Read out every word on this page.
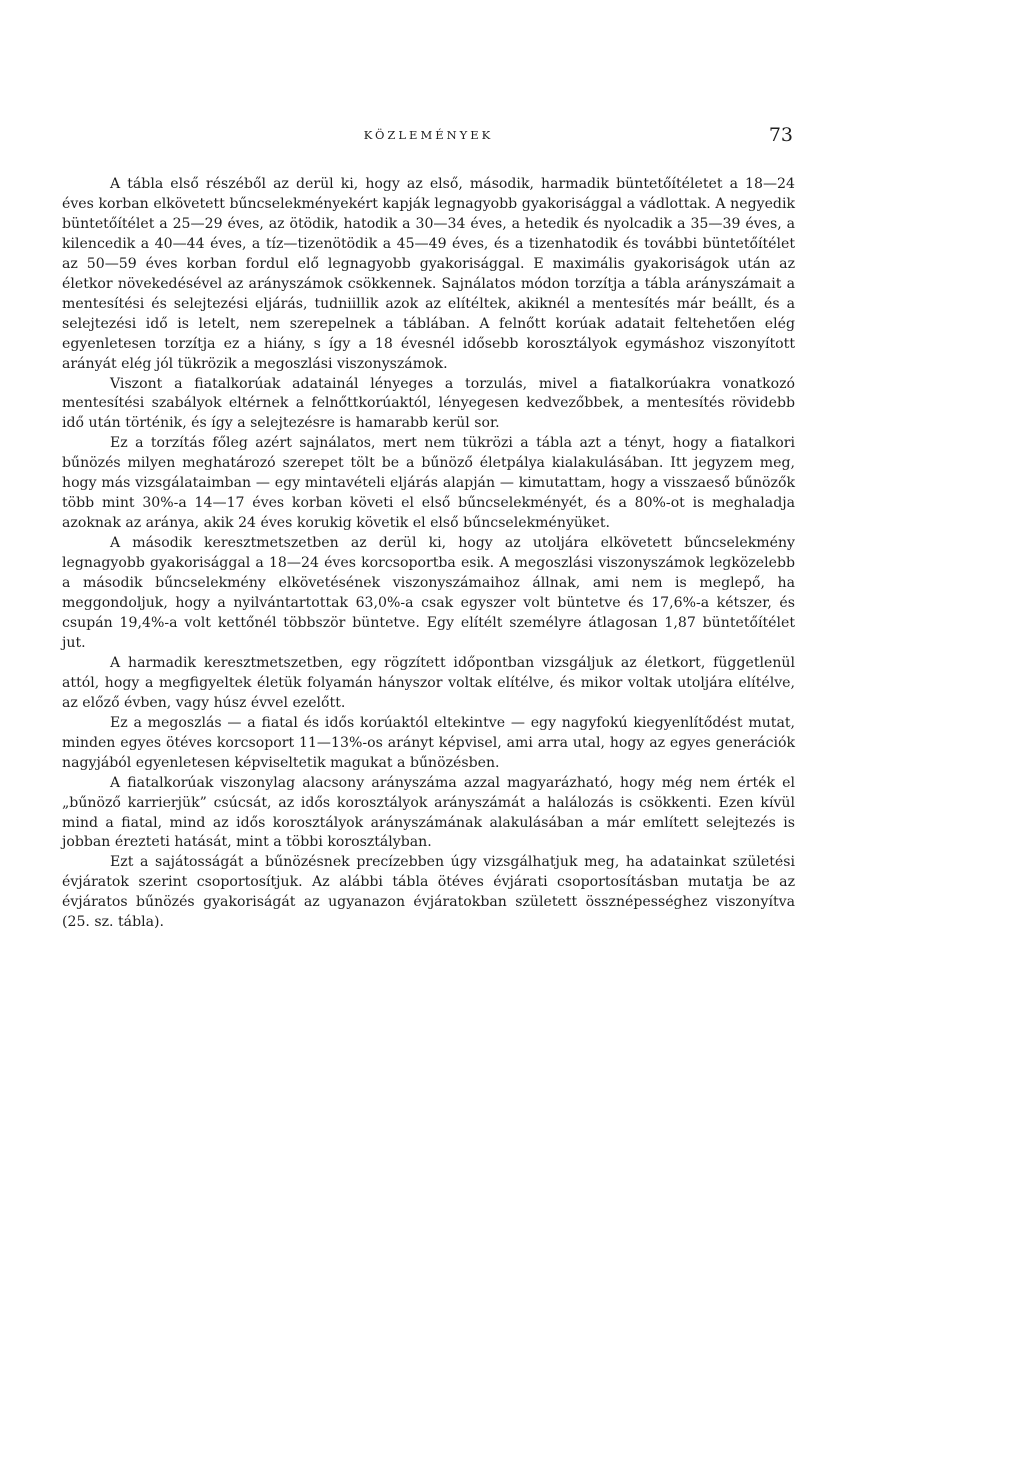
KÖZLEMÉNYEK	73

A tábla első részéből az derül ki, hogy az első, második, harmadik büntetőítéletet a 18—24 éves korban elkövetett bűncselekményekért kapják legnagyobb gyakorisággal a vádlottak. A negyedik büntetőítélet a 25—29 éves, az ötödik, hatodik a 30—34 éves, a hetedik és nyolcadik a 35—39 éves, a kilencedik a 40—44 éves, a tíz—tizenötödik a 45—49 éves, és a tizenhatodik és további büntetőítélet az 50—59 éves korban fordul elő legnagyobb gyakorisággal. E maximális gyakoriságok után az életkor növekedésével az arányszámok csökkennek. Sajnálatos módon torzítja a tábla arányszámait a mentesítési és selejtezési eljárás, tudniillik azok az elítéltek, akiknél a mentesítés már beállt, és a selejtezési idő is letelt, nem szerepelnek a táblában. A felnőtt korúak adatait feltehetően elég egyenletesen torzítja ez a hiány, s így a 18 évesnél idősebb korosztályok egymáshoz viszonyított arányát elég jól tükrözik a megoszlási viszonyszámok.

Viszont a fiatalkorúak adatainál lényeges a torzulás, mivel a fiatalkorúakra vonatkozó mentesítési szabályok eltérnek a felnőttkorúaktól, lényegesen kedvezőbbek, a mentesítés rövidebb idő után történik, és így a selejtezésre is hamarabb kerül sor.

Ez a torzítás főleg azért sajnálatos, mert nem tükrözi a tábla azt a tényt, hogy a fiatalkori bűnözés milyen meghatározó szerepet tölt be a bűnöző életpálya kialakulásában. Itt jegyzem meg, hogy más vizsgálataimban — egy mintavételi eljárás alapján — kimutattam, hogy a visszaeső bűnözők több mint 30%-a 14—17 éves korban követi el első bűncselekményét, és a 80%-ot is meghaladja azoknak az aránya, akik 24 éves korukig követik el első bűncselekményüket.

A második keresztmetszetben az derül ki, hogy az utoljára elkövetett bűncselekmény legnagyobb gyakorisággal a 18—24 éves korcsoportba esik. A megoszlási viszonyszámok legközelebb a második bűncselekmény elkövetésének viszonyszámaihoz állnak, ami nem is meglepő, ha meggondoljuk, hogy a nyilvántartottak 63,0%-a csak egyszer volt büntetve és 17,6%-a kétszer, és csupán 19,4%-a volt kettőnél többször büntetve. Egy elítélt személyre átlagosan 1,87 büntetőítélet jut.

A harmadik keresztmetszetben, egy rögzített időpontban vizsgáljuk az életkort, függetlenül attól, hogy a megfigyeltek életük folyamán hányszor voltak elítélve, és mikor voltak utoljára elítélve, az előző évben, vagy húsz évvel ezelőtt.

Ez a megoszlás — a fiatal és idős korúaktól eltekintve — egy nagyfokú kiegyenlítődést mutat, minden egyes ötéves korcsoport 11—13%-os arányt képvisel, ami arra utal, hogy az egyes generációk nagyjából egyenletesen képviseltetik magukat a bűnözésben.

A fiatalkorúak viszonylag alacsony arányszáma azzal magyarázható, hogy még nem érték el „bűnöző karrierjük” csúcsát, az idős korosztályok arányszámát a halálozás is csökkenti. Ezen kívül mind a fiatal, mind az idős korosztályok arányszámának alakulásában a már említett selejtezés is jobban érezteti hatását, mint a többi korosztályban.

Ezt a sajátosságát a bűnözésnek precízebben úgy vizsgálhatjuk meg, ha adatainkat születési évjáratok szerint csoportosítjuk. Az alábbi tábla ötéves évjárati csoportosításban mutatja be az évjáratos bűnözés gyakoriságát az ugyanazon évjáratokban született össznépességhez viszonyítva (25. sz. tábla).
